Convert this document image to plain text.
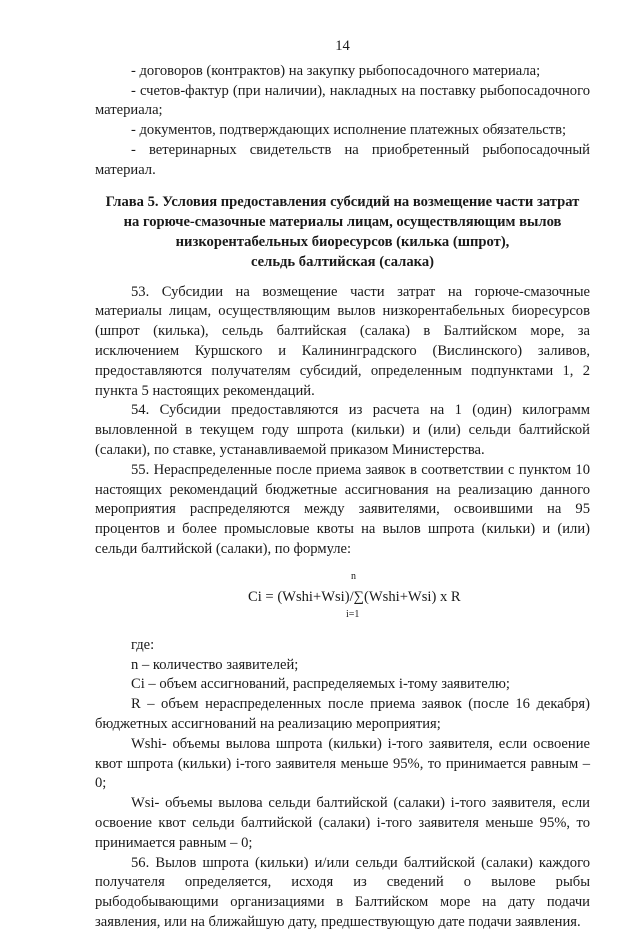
14

- договоров (контрактов) на закупку рыбопосадочного материала;

- счетов-фактур (при наличии), накладных на поставку рыбопосадочного материала;

- документов, подтверждающих исполнение платежных обязательств;

- ветеринарных свидетельств на приобретенный рыбопосадочный материал.

Глава 5. Условия предоставления субсидий на возмещение части затрат
на горюче-смазочные материалы лицам, осуществляющим вылов
низкорентабельных биоресурсов (килька (шпрот),
сельдь балтийская (салака)

53. Субсидии на возмещение части затрат на горюче-смазочные материалы лицам, осуществляющим вылов низкорентабельных биоресурсов (шпрот (килька), сельдь балтийская (салака) в Балтийском море, за исключением Куршского и Калининградского (Вислинского) заливов, предоставляются получателям субсидий, определенным подпунктами 1, 2 пункта 5 настоящих рекомендаций.

54. Субсидии предоставляются из расчета на 1 (один) килограмм выловленной в текущем году шпрота (кильки) и (или) сельди балтийской (салаки), по ставке, устанавливаемой приказом Министерства.

55. Нераспределенные после приема заявок в соответствии с пунктом 10 настоящих рекомендаций бюджетные ассигнования на реализацию данного мероприятия распределяются между заявителями, освоившими на 95 процентов и более промысловые квоты на вылов шпрота (кильки) и (или) сельди балтийской (салаки), по формуле:

n
Ci = (Wshi+Wsi)/∑(Wshi+Wsi) x R
i=1

где:

n – количество заявителей;

Ci – объем ассигнований, распределяемых i-тому заявителю;

R – объем нераспределенных после приема заявок (после 16 декабря) бюджетных ассигнований на реализацию мероприятия;

Wshi- объемы вылова шпрота (кильки) i-того заявителя, если освоение квот шпрота (кильки) i-того заявителя меньше 95%, то принимается равным – 0;

Wsi- объемы вылова сельди балтийской (салаки) i-того заявителя, если освоение квот сельди балтийской (салаки) i-того заявителя меньше 95%, то принимается равным – 0;

56. Вылов шпрота (кильки) и/или сельди балтийской (салаки) каждого получателя определяется, исходя из сведений о вылове рыбы рыбодобывающими организациями в Балтийском море на дату подачи заявления, или на ближайшую дату, предшествующую дате подачи заявления.
